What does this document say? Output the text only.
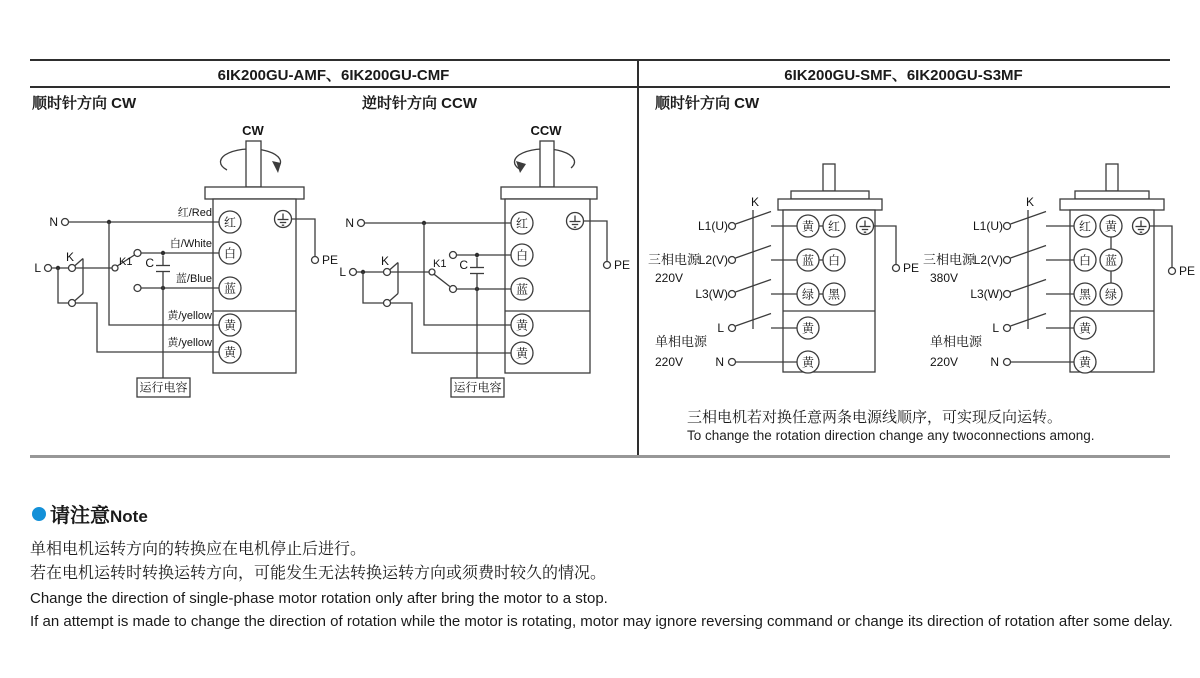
6IK200GU-AMF、6IK200GU-CMF	6IK200GU-SMF、6IK200GU-S3MF
顺时针方向 CW	逆时针方向 CCW	顺时针方向 CW
CW
N
L
K	K1 C
运行电容
红/Red
白/White
蓝/Blue
黄/yellow
黄/yellow
红
白
蓝
黄
黄
PE
CCW
N
L
K	K1 C
运行电容
红
白
蓝
黄
黄
PE
K
L1(U)
L2(V)
L3(W)
L
N
三相电源
220V
单相电源
220V
黄 红
蓝 白
绿 黑
黄
黄
PE
K
L1(U)
L2(V)
L3(W)
L
N
三相电源
380V
单相电源
220V
红 黄
白 蓝
黑 绿
黄
黄
PE
三相电机若对换任意两条电源线顺序，可实现反向运转。
To change the rotation direction change any twoconnections among.
请注意 Note
单相电机运转方向的转换应在电机停止后进行。
若在电机运转时转换运转方向，可能发生无法转换运转方向或须费时较久的情况。
Change the direction of single-phase motor rotation only after bring the motor to a stop.
If an attempt is made to change the direction of rotation while the motor is rotating, motor may ignore reversing command or change its direction of rotation after some delay.
